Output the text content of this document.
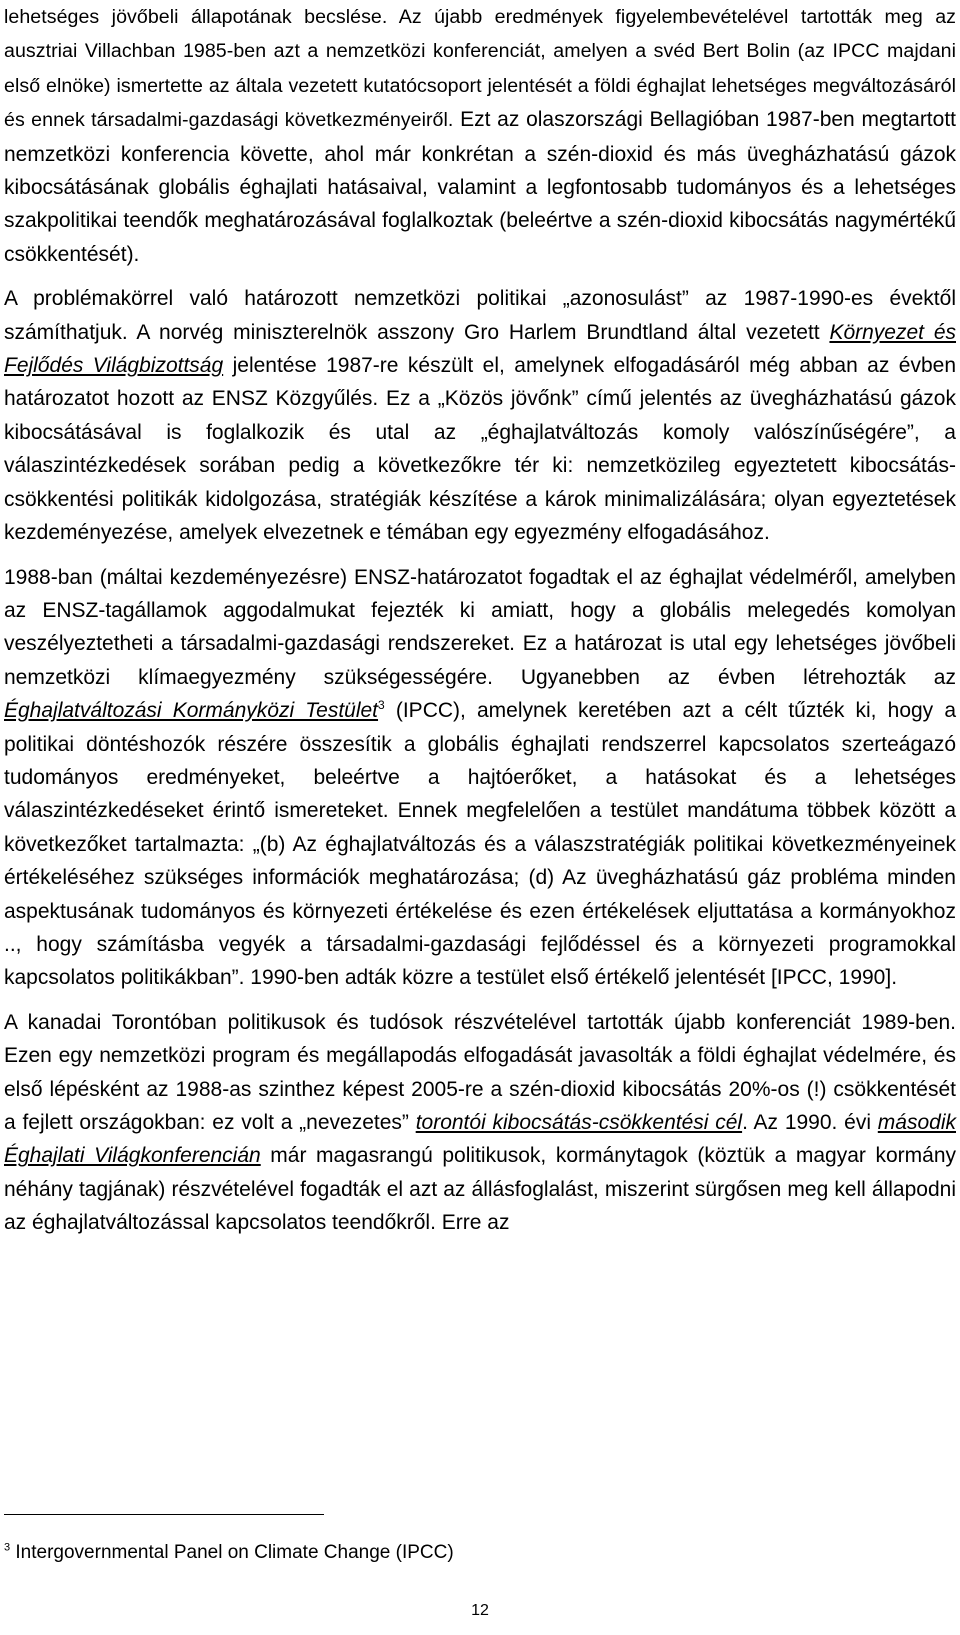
lehetséges jövőbeli állapotának becslése. Az újabb eredmények figyelembevételével tartották meg az ausztriai Villachban 1985-ben azt a nemzetközi konferenciát, amelyen a svéd Bert Bolin (az IPCC majdani első elnöke) ismertette az általa vezetett kutatócsoport jelentését a földi éghajlat lehetséges megváltozásáról és ennek társadalmi-gazdasági következményeiről. Ezt az olaszországi Bellagióban 1987-ben megtartott nemzetközi konferencia követte, ahol már konkrétan a szén-dioxid és más üvegházhatású gázok kibocsátásának globális éghajlati hatásaival, valamint a legfontosabb tudományos és a lehetséges szakpolitikai teendők meghatározásával foglalkoztak (beleértve a szén-dioxid kibocsátás nagymértékű csökkentését).

A problémakörrel való határozott nemzetközi politikai „azonosulást” az 1987-1990-es évektől számíthatjuk. A norvég miniszterelnök asszony Gro Harlem Brundtland által vezetett Környezet és Fejlődés Világbizottság jelentése 1987-re készült el, amelynek elfogadásáról még abban az évben határozatot hozott az ENSZ Közgyűlés. Ez a „Közös jövőnk” című jelentés az üvegházhatású gázok kibocsátásával is foglalkozik és utal az „éghajlatváltozás komoly valószínűségére”, a válaszintézkedések sorában pedig a következőkre tér ki: nemzetközileg egyeztetett kibocsátás-csökkentési politikák kidolgozása, stratégiák készítése a károk minimalizálására; olyan egyeztetések kezdeményezése, amelyek elvezetnek e témában egy egyezmény elfogadásához.

1988-ban (máltai kezdeményezésre) ENSZ-határozatot fogadtak el az éghajlat védelméről, amelyben az ENSZ-tagállamok aggodalmukat fejezték ki amiatt, hogy a globális melegedés komolyan veszélyeztetheti a társadalmi-gazdasági rendszereket. Ez a határozat is utal egy lehetséges jövőbeli nemzetközi klímaegyezmény szükségességére. Ugyanebben az évben létrehozták az Éghajlatváltozási Kormányközi Testület$^3$ (IPCC), amelynek keretében azt a célt tűzték ki, hogy a politikai döntéshozók részére összesítik a globális éghajlati rendszerrel kapcsolatos szerteágazó tudományos eredményeket, beleértve a hajtóerőket, a hatásokat és a lehetséges válaszintézkedéseket érintő ismereteket. Ennek megfelelően a testület mandátuma többek között a következőket tartalmazta: „(b) Az éghajlatváltozás és a válaszstratégiák politikai következményeinek értékeléséhez szükséges információk meghatározása; (d) Az üvegházhatású gáz probléma minden aspektusának tudományos és környezeti értékelése és ezen értékelések eljuttatása a kormányokhoz .., hogy számításba vegyék a társadalmi-gazdasági fejlődéssel és a környezeti programokkal kapcsolatos politikákban”. 1990-ben adták közre a testület első értékelő jelentését [IPCC, 1990].

A kanadai Torontóban politikusok és tudósok részvételével tartották újabb konferenciát 1989-ben. Ezen egy nemzetközi program és megállapodás elfogadását javasolták a földi éghajlat védelmére, és első lépésként az 1988-as szinthez képest 2005-re a szén-dioxid kibocsátás 20%-os (!) csökkentését a fejlett országokban: ez volt a „nevezetes” torontói kibocsátás-csökkentési cél. Az 1990. évi második Éghajlati Világkonferencián már magasrangú politikusok, kormánytagok (köztük a magyar kormány néhány tagjának) részvételével fogadták el azt az állásfoglalást, miszerint sürgősen meg kell állapodni az éghajlatváltozással kapcsolatos teendőkről. Erre az

$^3$ Intergovernmental Panel on Climate Change (IPCC)
12
